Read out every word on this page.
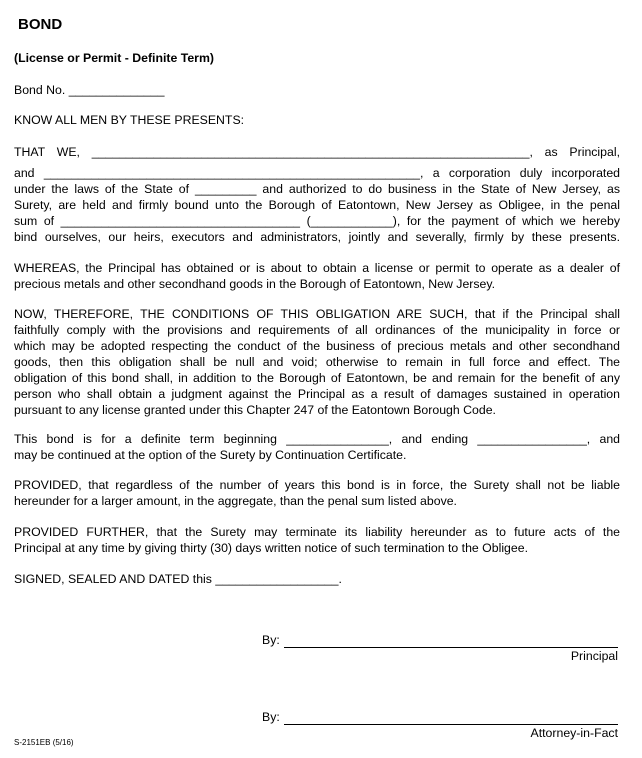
BOND
(License or Permit - Definite Term)
Bond No. ______________
KNOW ALL MEN BY THESE PRESENTS:
THAT WE, ________________________________________________________________, as Principal,
and _______________________________________________________, a corporation duly incorporated
under the laws of the State of _________ and authorized to do business in the State of New Jersey, as
Surety, are held and firmly bound unto the Borough of Eatontown, New Jersey as Obligee, in the penal
sum of ___________________________________ (____________), for the payment of which we hereby
bind ourselves, our heirs, executors and administrators, jointly and severally, firmly by these presents.
WHEREAS, the Principal has obtained or is about to obtain a license or permit to operate as a dealer of
precious metals and other secondhand goods in the Borough of Eatontown, New Jersey.
NOW, THEREFORE, THE CONDITIONS OF THIS OBLIGATION ARE SUCH, that if the Principal shall
faithfully comply with the provisions and requirements of all ordinances of the municipality in force or
which may be adopted respecting the conduct of the business of precious metals and other secondhand
goods, then this obligation shall be null and void; otherwise to remain in full force and effect. The
obligation of this bond shall, in addition to the Borough of Eatontown, be and remain for the benefit of any
person who shall obtain a judgment against the Principal as a result of damages sustained in operation
pursuant to any license granted under this Chapter 247 of the Eatontown Borough Code.
This bond is for a definite term beginning _______________, and ending ________________, and
may be continued at the option of the Surety by Continuation Certificate.
PROVIDED, that regardless of the number of years this bond is in force, the Surety shall not be liable
hereunder for a larger amount, in the aggregate, than the penal sum listed above.
PROVIDED FURTHER, that the Surety may terminate its liability hereunder as to future acts of the
Principal at any time by giving thirty (30) days written notice of such termination to the Obligee.
SIGNED, SEALED AND DATED this __________________.
By:
Principal
By:
Attorney-in-Fact
S-2151EB (5/16)
